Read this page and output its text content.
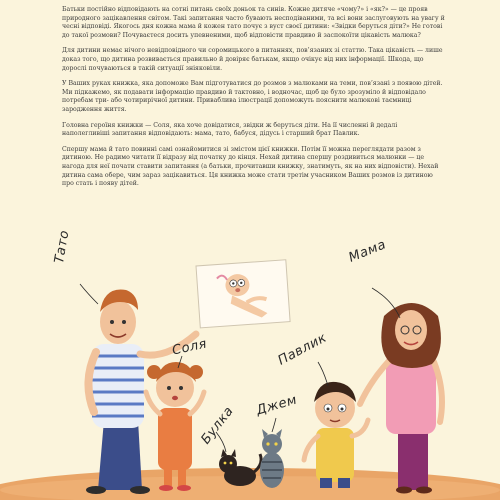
Батьки постійно відповідають на сотні питань своїх доньок та синів. Кожне дитяче «чому?» і «як?» — це прояв природного зацікавлення світом. Такі запитання часто бувають несподіваними, та всі вони заслуговують на увагу й чесні відповіді. Якогось дня кожна мама й кожен тато почує з вуст своєї дитини: «Звідки беруться діти?» Не готові до такої розмови? Почуваєтеся досить упевненими, щоб відповісти правдиво й заспокоїти цікавість малюка?

Для дитини немає нічого невідповідного чи соромицького в питаннях, пов’язаних зі статтю. Така цікавість — лише доказ того, що дитина розвивається правильно й довіряє батькам, якщо очікує від них інформації. Шкода, що дорослі почуваються в такій ситуації зніяковіли.

У Ваших руках книжка, яка допоможе Вам підготуватися до розмов з малюками на теми, пов’язані з появою дітей. Ми підкажемо, як подавати інформацію правдиво й тактовно, і водночас, щоб це було зрозуміло й відповідало потребам три- або чотирирічної дитини. Приваблива ілюстрації допоможуть пояснити малюкові таємниці зародження життя.

Головна героїня книжки — Соля, яка хоче довідатися, звідки ж беруться діти. На її численні й дедалі наполегливіші запитання відповідають: мама, тато, бабуся, дідусь і старший брат Павлик.

Спершу мама й тато повинні самі ознайомитися зі змістом цієї книжки. Потім її можна переглядати разом з дитиною. Не радимо читати її відразу від початку до кінця. Нехай дитина спершу роздивиться малюнки — це нагода для неї почати ставити запитання (а батьки, прочитавши книжку, знатимуть, як на них відповісти). Нехай дитина сама обере, чим зараз зацікавиться. Ця книжка може стати третім учасником Ваших розмов із дитиною про стать і появу дітей.

Тато	Мама
Соля	Павлик
Булка Джем
